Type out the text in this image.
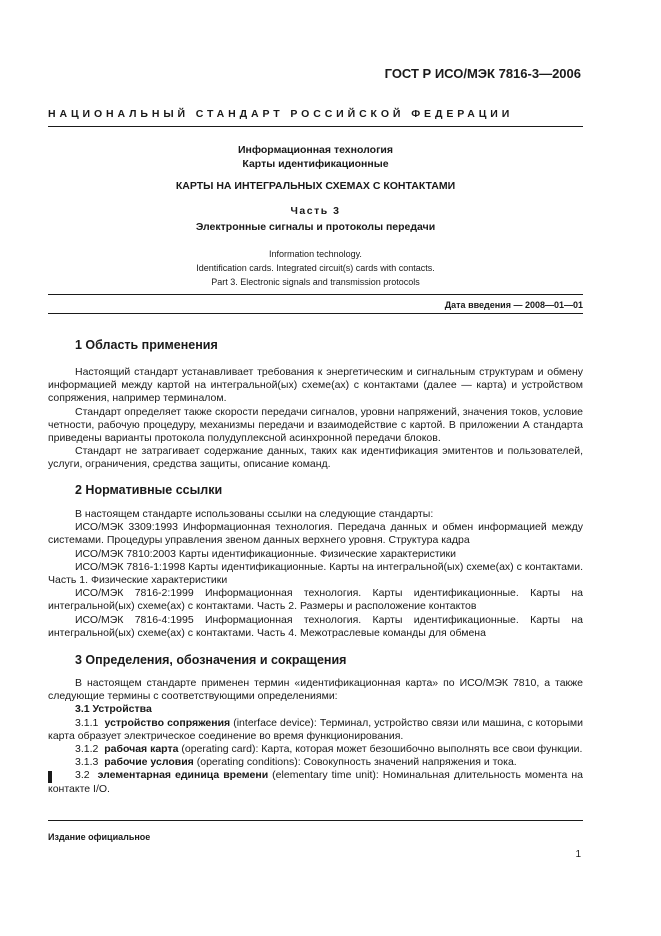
ГОСТ Р ИСО/МЭК 7816-3—2006
НАЦИОНАЛЬНЫЙ СТАНДАРТ РОССИЙСКОЙ ФЕДЕРАЦИИ
Информационная технология
Карты идентификационные
КАРТЫ НА ИНТЕГРАЛЬНЫХ СХЕМАХ С КОНТАКТАМИ
Часть 3
Электронные сигналы и протоколы передачи
Information technology.
Identification cards. Integrated circuit(s) cards with contacts.
Part 3. Electronic signals and transmission protocols
Дата введения — 2008—01—01
1 Область применения

Настоящий стандарт устанавливает требования к энергетическим и сигнальным структурам и обмену информацией между картой на интегральной(ых) схеме(ах) с контактами (далее — карта) и устройством сопряжения, например терминалом.

Стандарт определяет также скорости передачи сигналов, уровни напряжений, значения токов, условие четности, рабочую процедуру, механизмы передачи и взаимодействие с картой. В приложении А стандарта приведены варианты протокола полудуплексной асинхронной передачи блоков.

Стандарт не затрагивает содержание данных, таких как идентификация эмитентов и пользователей, услуги, ограничения, средства защиты, описание команд.

2 Нормативные ссылки

В настоящем стандарте использованы ссылки на следующие стандарты:

ИСО/МЭК 3309:1993 Информационная технология. Передача данных и обмен информацией между системами. Процедуры управления звеном данных верхнего уровня. Структура кадра

ИСО/МЭК 7810:2003 Карты идентификационные. Физические характеристики

ИСО/МЭК 7816-1:1998 Карты идентификационные. Карты на интегральной(ых) схеме(ах) с контактами. Часть 1. Физические характеристики

ИСО/МЭК 7816-2:1999 Информационная технология. Карты идентификационные. Карты на интегральной(ых) схеме(ах) с контактами. Часть 2. Размеры и расположение контактов

ИСО/МЭК 7816-4:1995 Информационная технология. Карты идентификационные. Карты на интегральной(ых) схеме(ах) с контактами. Часть 4. Межотраслевые команды для обмена

3 Определения, обозначения и сокращения

В настоящем стандарте применен термин «идентификационная карта» по ИСО/МЭК 7810, а также следующие термины с соответствующими определениями:

3.1 Устройства

3.1.1 устройство сопряжения (interface device): Терминал, устройство связи или машина, с которыми карта образует электрическое соединение во время функционирования.

3.1.2 рабочая карта (operating card): Карта, которая может безошибочно выполнять все свои функции.

3.1.3 рабочие условия (operating conditions): Совокупность значений напряжения и тока.

3.2 элементарная единица времени (elementary time unit): Номинальная длительность момента на контакте I/O.

Издание официальное
1
